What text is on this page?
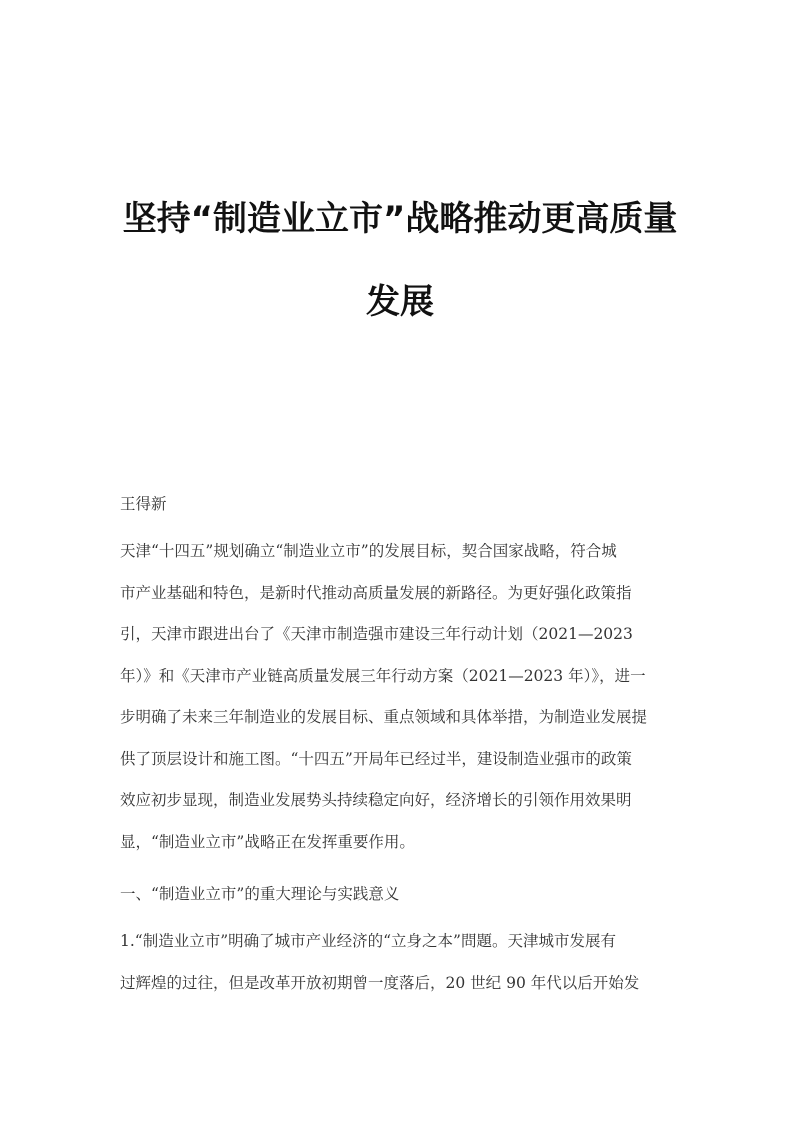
坚持“制造业立市”战略推动更高质量
发展

王得新

天津“十四五”规划确立“制造业立市”的发展目标，契合国家战略，符合城
市产业基础和特色，是新时代推动高质量发展的新路径。为更好强化政策指
引，天津市跟进出台了《天津市制造强市建设三年行动计划（2021—2023
年）》和《天津市产业链高质量发展三年行动方案（2021—2023 年）》，进一
步明确了未来三年制造业的发展目标、重点领域和具体举措，为制造业发展提
供了顶层设计和施工图。“十四五”开局年已经过半，建设制造业强市的政策
效应初步显现，制造业发展势头持续稳定向好，经济增长的引领作用效果明
显，“制造业立市”战略正在发挥重要作用。

一、“制造业立市”的重大理论与实践意义

1.“制造业立市”明确了城市产业经济的“立身之本”問題。天津城市发展有
过辉煌的过往，但是改革开放初期曾一度落后，20 世纪 90 年代以后开始发
